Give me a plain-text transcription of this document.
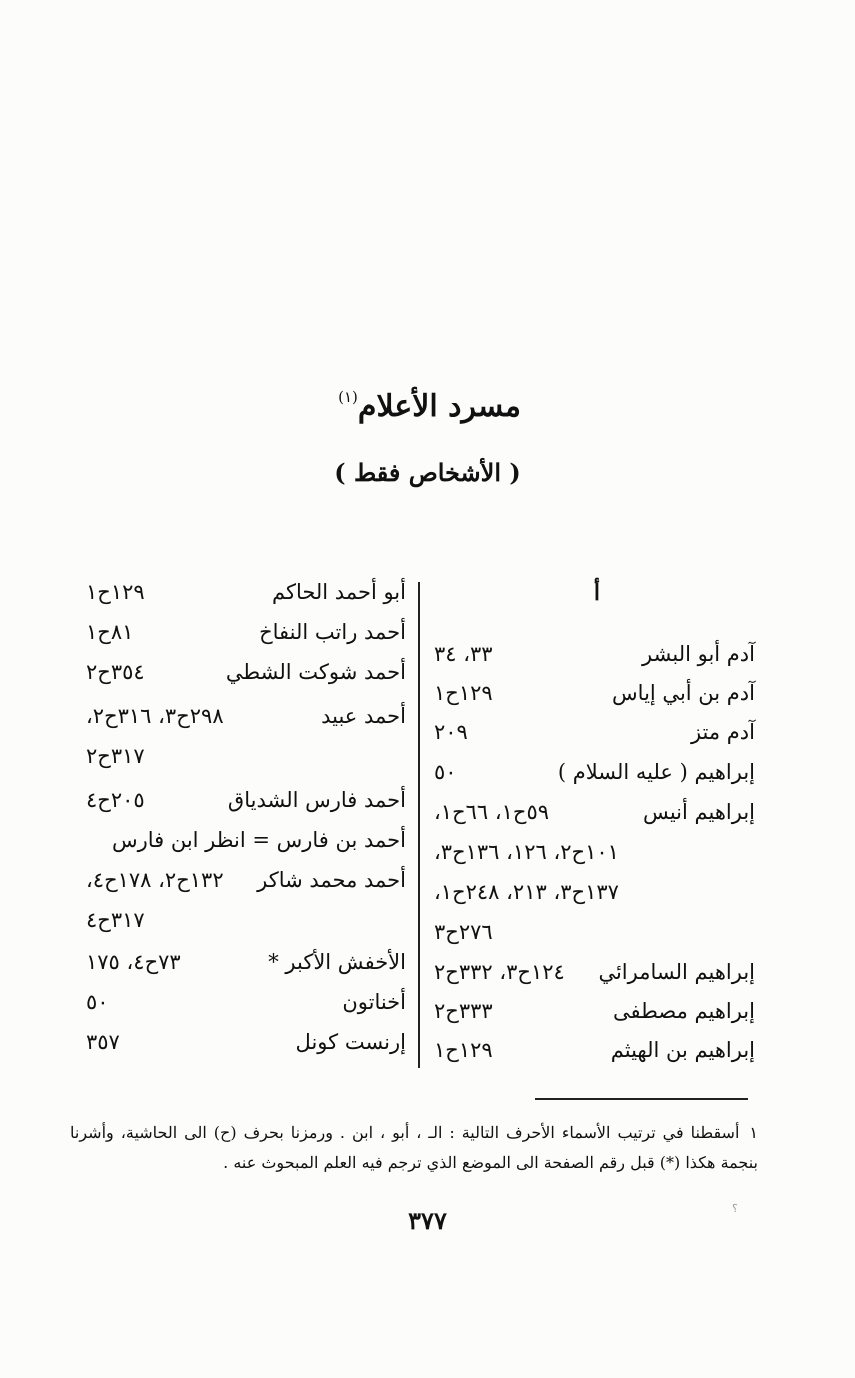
مسرد الأعلام$^{(١)}$
( الأشخاص فقط )
أ
آدم أبو البشر
٣٣، ٣٤
آدم بن أبي إياس
١٢٩ح١
آدم متز
٢٠٩
إبراهيم ( عليه السلام )
٥٠
إبراهيم أنيس
٥٩ح١، ٦٦ح١،
١٠١ح٢، ١٢٦، ١٣٦ح٣،
١٣٧ح٣، ٢١٣، ٢٤٨ح١،
٢٧٦ح٣
إبراهيم السامرائي
١٢٤ح٣، ٣٣٢ح٢
إبراهيم مصطفى
٣٣٣ح٢
إبراهيم بن الهيثم
١٢٩ح١
أبو أحمد الحاكم
١٢٩ح١
أحمد راتب النفاخ
٨١ح١
أحمد شوكت الشطي
٣٥٤ح٢
أحمد عبيد
٢٩٨ح٣، ٣١٦ح٢،
٣١٧ح٢
أحمد فارس الشدياق
٢٠٥ح٤
أحمد بن فارس = انظر ابن فارس
أحمد محمد شاكر
١٣٢ح٢، ١٧٨ح٤،
٣١٧ح٤
الأخفش الأكبر *
٧٣ح٤، ١٧٥
أخناتون
٥٠
إرنست كونل
٣٥٧
١أسقطنا في ترتيب الأسماء الأحرف التالية : الـ ، أبو ، ابن . ورمزنا بحرف (ح) الى الحاشية، وأشرنا بنجمة هكذا (*) قبل رقم الصفحة الى الموضع الذي ترجم فيه العلم المبحوث عنه .
٣٧٧	؟
